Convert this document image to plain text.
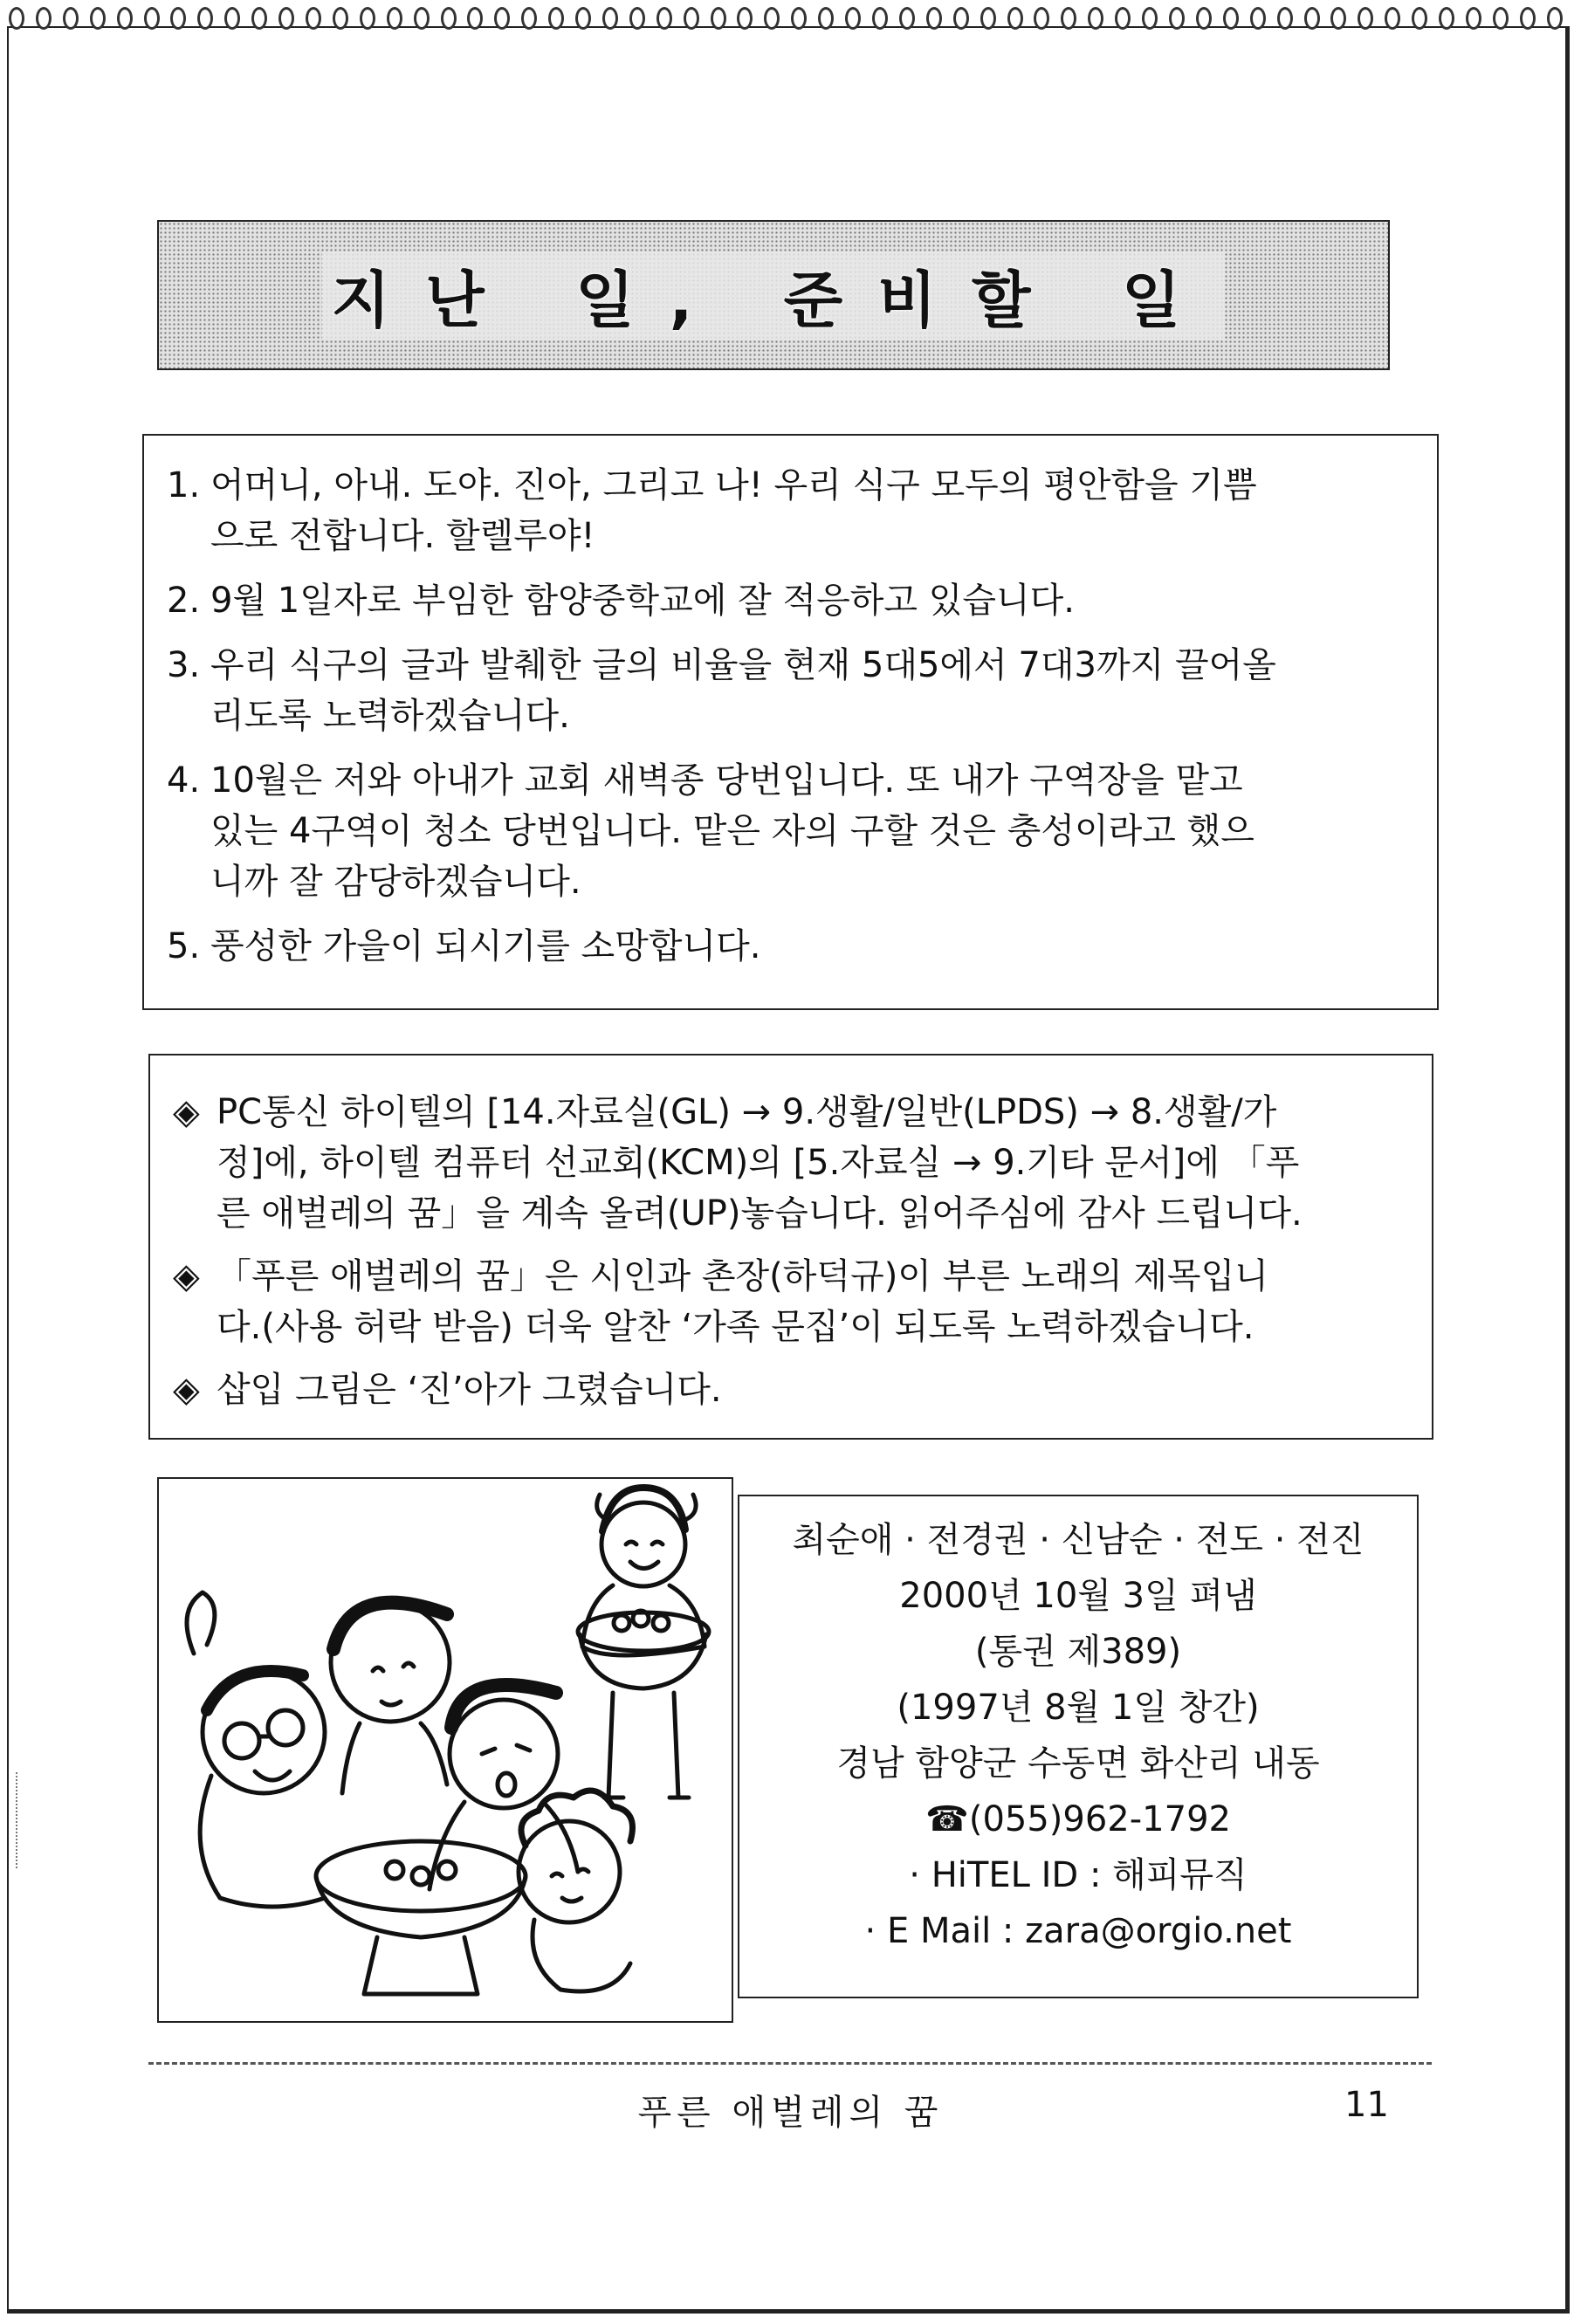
지난 일, 준비할 일
1. 어머니, 아내. 도야. 진아, 그리고 나! 우리 식구 모두의 평안함을 기쁨
으로 전합니다. 할렐루야!
2. 9월 1일자로 부임한 함양중학교에 잘 적응하고 있습니다.
3. 우리 식구의 글과 발췌한 글의 비율을 현재 5대5에서 7대3까지 끌어올
리도록 노력하겠습니다.
4. 10월은 저와 아내가 교회 새벽종 당번입니다. 또 내가 구역장을 맡고
있는 4구역이 청소 당번입니다. 맡은 자의 구할 것은 충성이라고 했으
니까 잘 감당하겠습니다.
5. 풍성한 가을이 되시기를 소망합니다.
◈ PC통신 하이텔의 [14.자료실(GL) → 9.생활/일반(LPDS) → 8.생활/가
정]에, 하이텔 컴퓨터 선교회(KCM)의 [5.자료실 → 9.기타 문서]에 「푸
른 애벌레의 꿈」을 계속 올려(UP)놓습니다. 읽어주심에 감사 드립니다.
◈ 「푸른 애벌레의 꿈」은 시인과 촌장(하덕규)이 부른 노래의 제목입니
다.(사용 허락 받음) 더욱 알찬 ‘가족 문집’이 되도록 노력하겠습니다.
◈ 삽입 그림은 ‘진’아가 그렸습니다.
최순애 · 전경권 · 신남순 · 전도 · 전진
2000년 10월 3일 펴냄
(통권 제389)
(1997년 8월 1일 창간)
경남 함양군 수동면 화산리 내동
☎(055)962-1792
· HiTEL ID : 해피뮤직
· E Mail : zara@orgio.net
푸른 애벌레의 꿈	11
